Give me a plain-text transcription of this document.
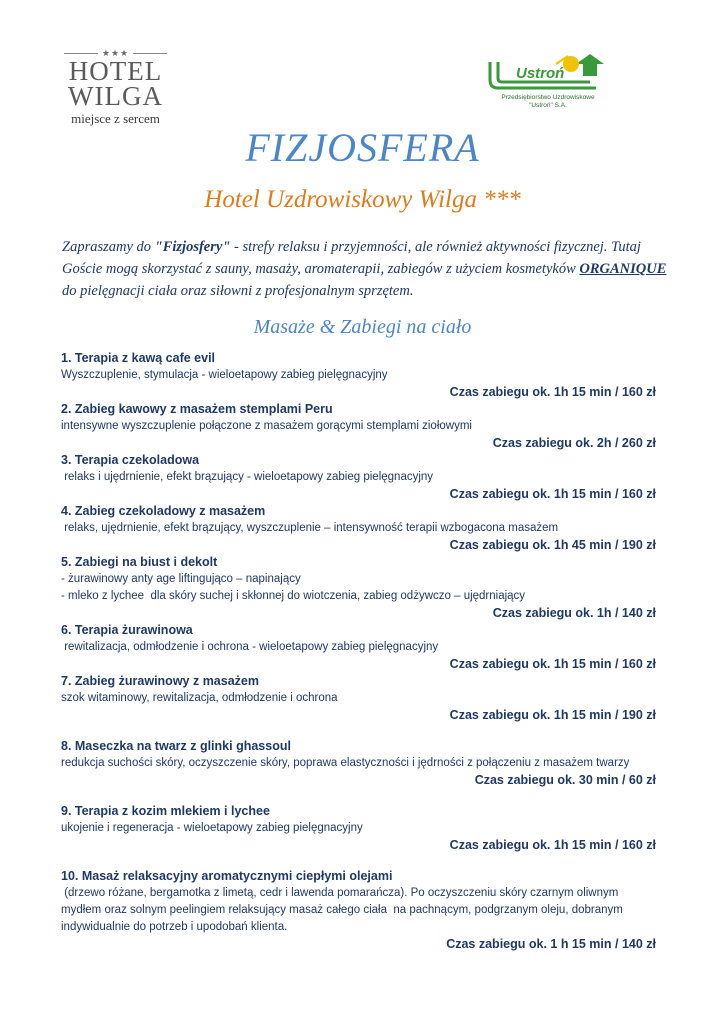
★★★
HOTEL
WILGA
miejsce z sercem
Ustroń
Przedsiębiorstwo Uzdrowiskowe
"Ustroń" S.A.
FIZJOSFERA
Hotel Uzdrowiskowy Wilga ***
Zapraszamy do "Fizjosfery" - strefy relaksu i przyjemności, ale również aktywności fizycznej. Tutaj Goście mogą skorzystać z sauny, masaży, aromaterapii, zabiegów z użyciem kosmetyków ORGANIQUE do pielęgnacji ciała oraz siłowni z profesjonalnym sprzętem.
Masaże & Zabiegi na ciało
1. Terapia z kawą cafe evil
Wyszczuplenie, stymulacja - wieloetapowy zabieg pielęgnacyjny
Czas zabiegu ok. 1h 15 min / 160 zł
2. Zabieg kawowy z masażem stemplami Peru
intensywne wyszczuplenie połączone z masażem gorącymi stemplami ziołowymi
Czas zabiegu ok. 2h / 260 zł
3. Terapia czekoladowa
relaks i ujędrnienie, efekt brązujący - wieloetapowy zabieg pielęgnacyjny
Czas zabiegu ok. 1h 15 min / 160 zł
4. Zabieg czekoladowy z masażem
relaks, ujędrnienie, efekt brązujący, wyszczuplenie – intensywność terapii wzbogacona masażem
Czas zabiegu ok. 1h 45 min / 190 zł
5. Zabiegi na biust i dekolt
- żurawinowy anty age liftingująco – napinający
- mleko z lychee  dla skóry suchej i skłonnej do wiotczenia, zabieg odżywczo – ujędrniający
Czas zabiegu ok. 1h / 140 zł
6. Terapia żurawinowa
rewitalizacja, odmłodzenie i ochrona - wieloetapowy zabieg pielęgnacyjny
Czas zabiegu ok. 1h 15 min / 160 zł
7. Zabieg żurawinowy z masażem
szok witaminowy, rewitalizacja, odmłodzenie i ochrona
Czas zabiegu ok. 1h 15 min / 190 zł
8. Maseczka na twarz z glinki ghassoul
redukcja suchości skóry, oczyszczenie skóry, poprawa elastyczności i jędrności z połączeniu z masażem twarzy
Czas zabiegu ok. 30 min / 60 zł
9. Terapia z kozim mlekiem i lychee
ukojenie i regeneracja - wieloetapowy zabieg pielęgnacyjny
Czas zabiegu ok. 1h 15 min / 160 zł
10. Masaż relaksacyjny aromatycznymi ciepłymi olejami
(drzewo różane, bergamotka z limetą, cedr i lawenda pomarańcza). Po oczyszczeniu skóry czarnym oliwnym
mydłem oraz solnym peelingiem relaksujący masaż całego ciała  na pachnącym, podgrzanym oleju, dobranym
indywidualnie do potrzeb i upodobań klienta.
Czas zabiegu ok. 1 h 15 min / 140 zł
